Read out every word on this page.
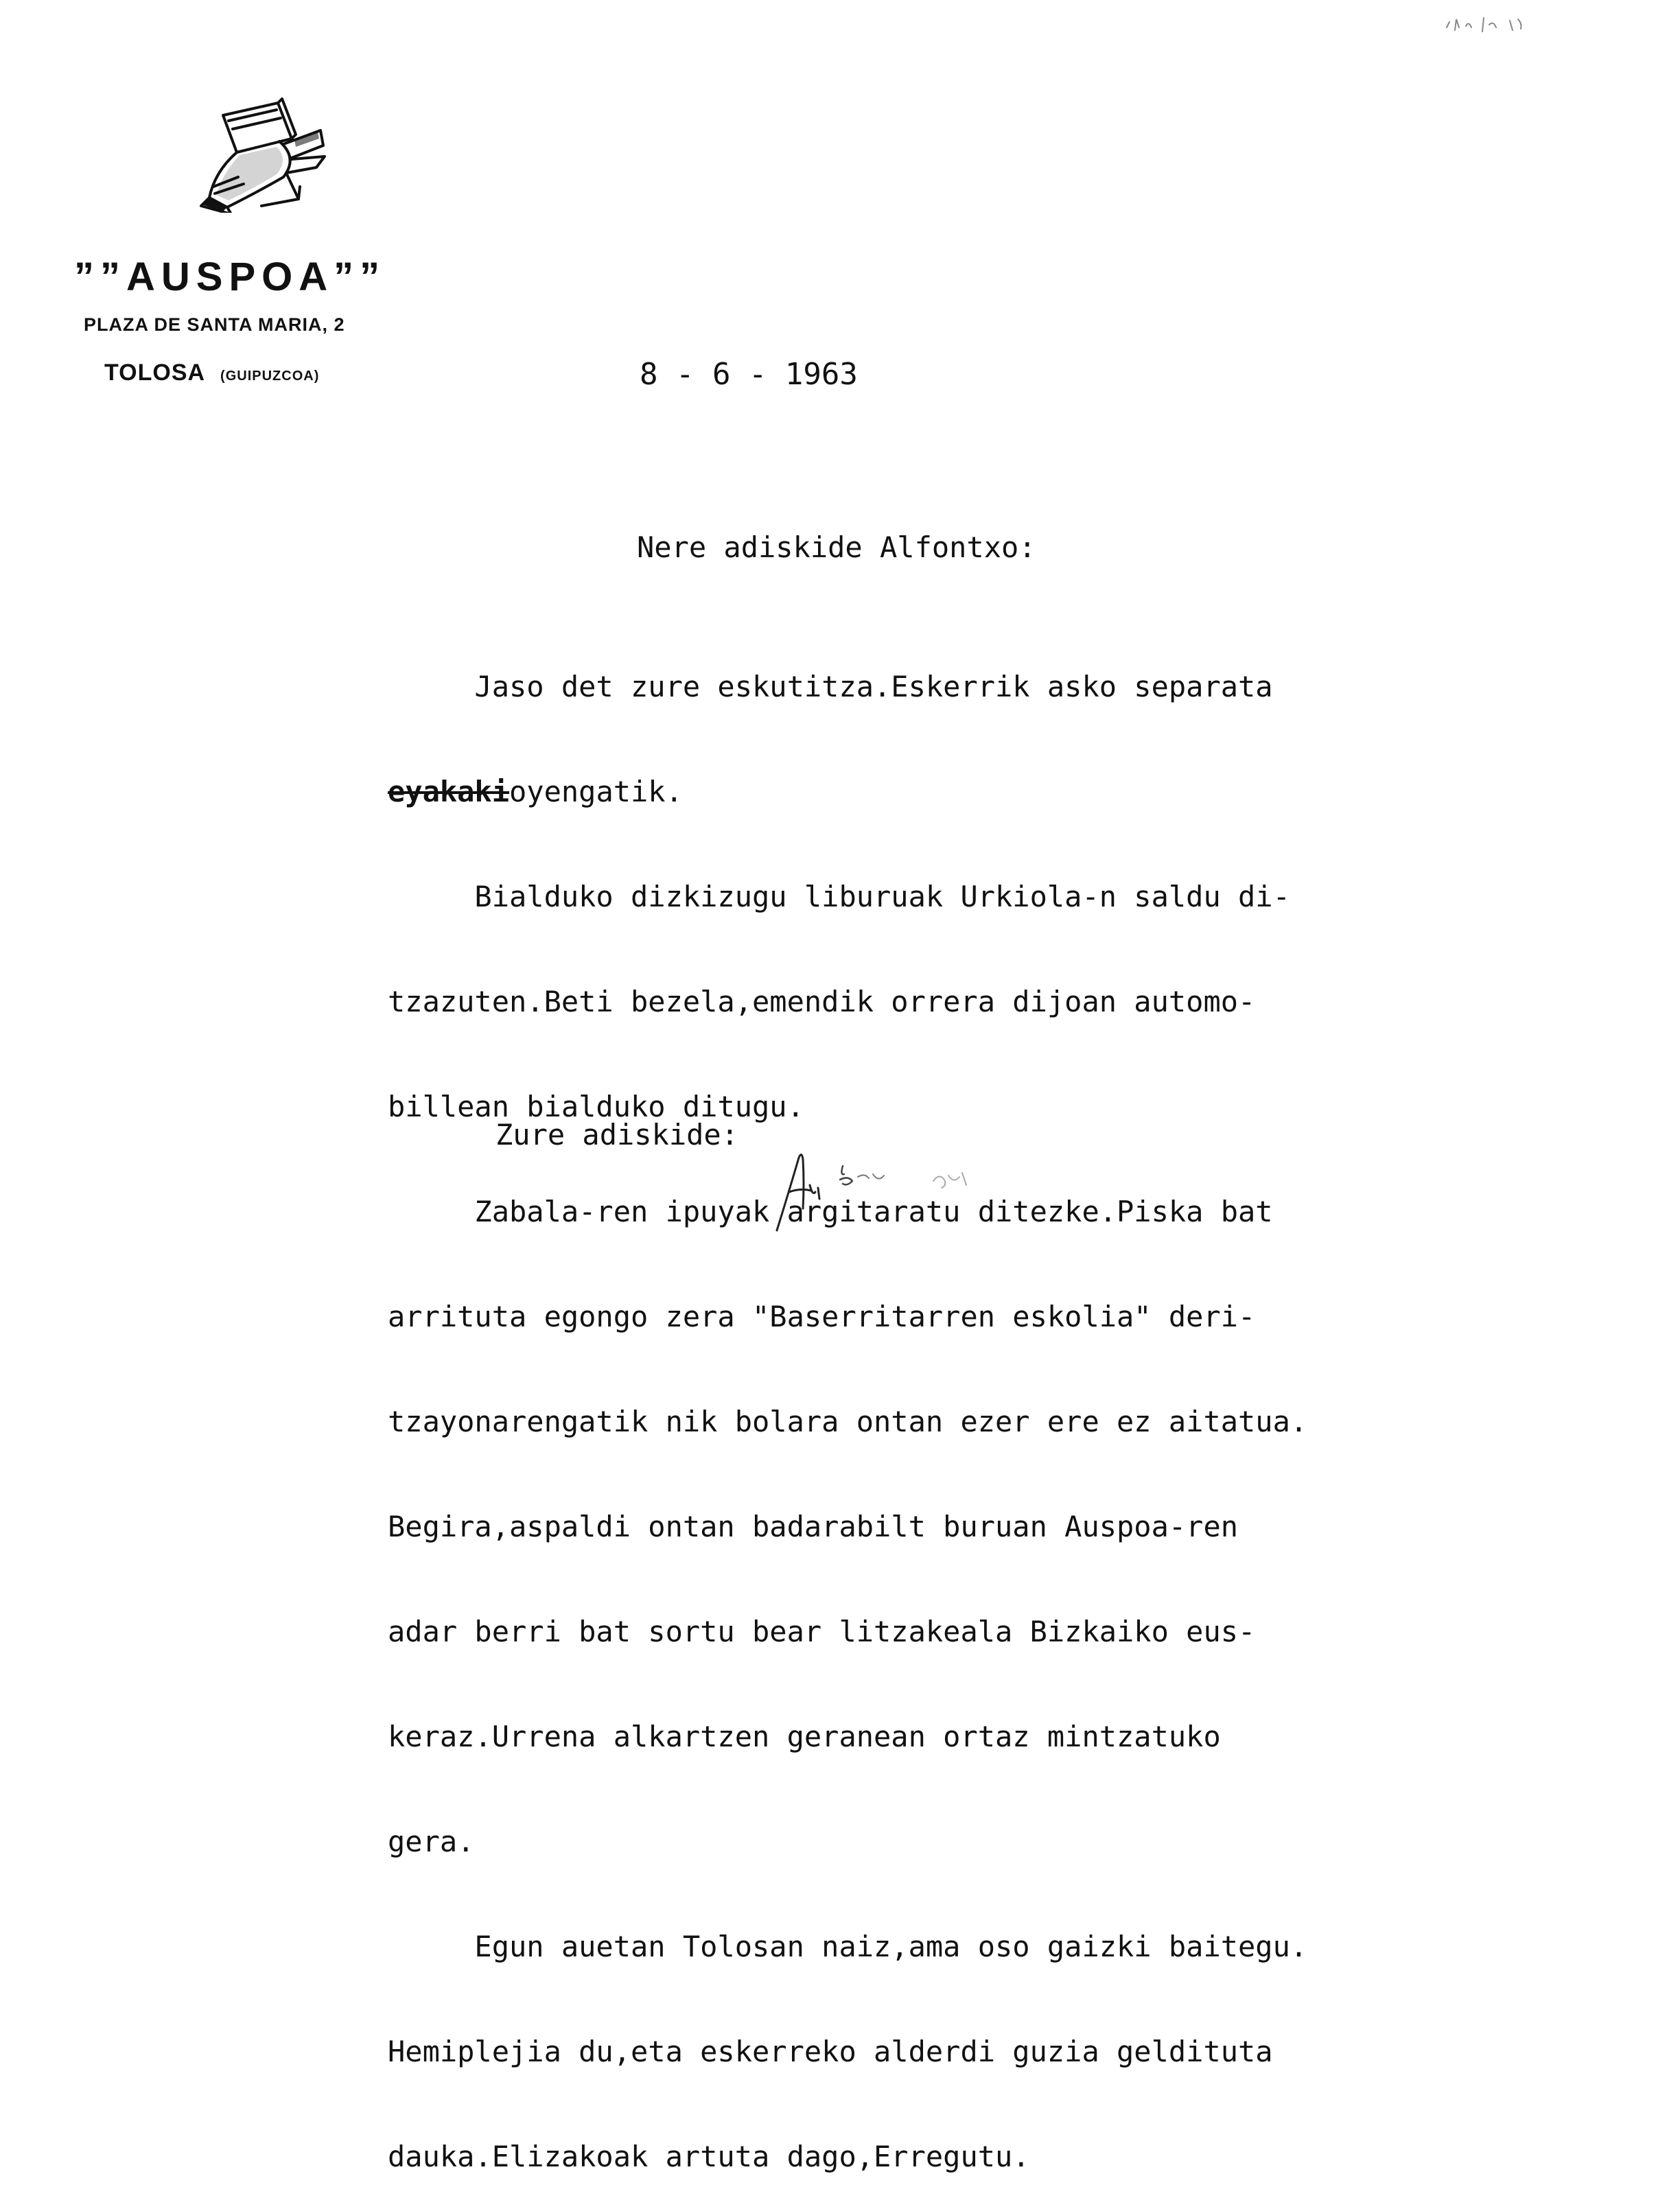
””AUSPOA””
PLAZA DE SANTA MARIA, 2
TOLOSA (GUIPUZCOA)	8 - 6 - 1963
Nere adiskide Alfontxo:

Jaso det zure eskutitza.Eskerrik asko separata

eyakakioyengatik.

Bialduko dizkizugu liburuak Urkiola-n saldu di-

tzazuten.Beti bezela,emendik orrera dijoan automo-

billean bialduko ditugu.

Zabala-ren ipuyak argitaratu ditezke.Piska bat

arrituta egongo zera "Baserritarren eskolia" deri-

tzayonarengatik nik bolara ontan ezer ere ez aitatua.

Begira,aspaldi ontan badarabilt buruan Auspoa-ren

adar berri bat sortu bear litzakeala Bizkaiko eus-

keraz.Urrena alkartzen geranean ortaz mintzatuko

gera.

Egun auetan Tolosan naiz,ama oso gaizki baitegu.

Hemiplejia du,eta eskerreko alderdi guzia geldituta

dauka.Elizakoak artuta dago,Erregutu.

Zure adiskide:
